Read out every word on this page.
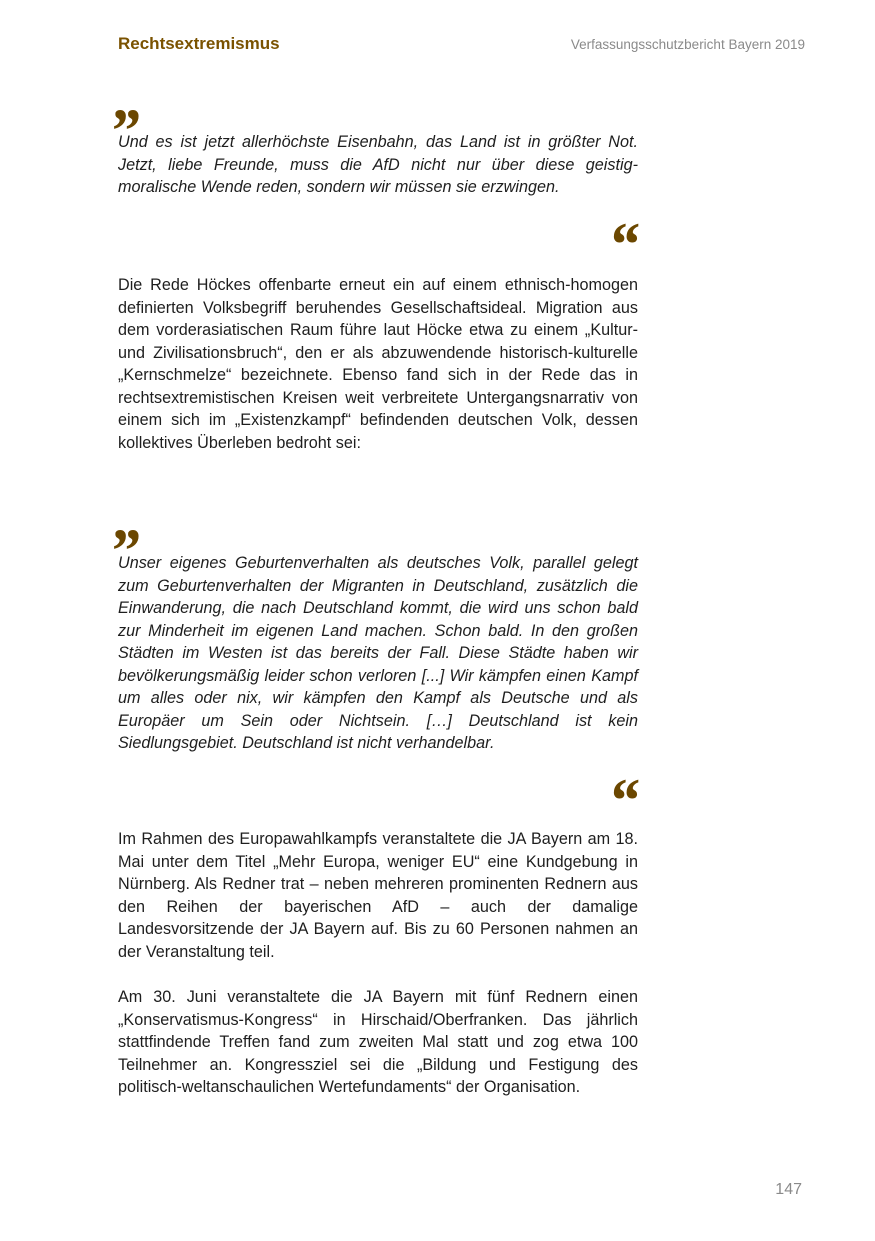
Rechtsextremismus	Verfassungsschutzbericht Bayern 2019
„

Und es ist jetzt allerhöchste Eisenbahn, das Land ist in größter Not. Jetzt, liebe Freunde, muss die AfD nicht nur über diese geistig-moralische Wende reden, sondern wir müssen sie erzwingen.

“

Die Rede Höckes offenbarte erneut ein auf einem ethnisch-homogen definierten Volksbegriff beruhendes Gesellschaftsideal. Migration aus dem vorderasiatischen Raum führe laut Höcke etwa zu einem „Kultur- und Zivilisationsbruch“, den er als abzuwendende historisch-kulturelle „Kernschmelze“ bezeichnete. Ebenso fand sich in der Rede das in rechtsextremistischen Kreisen weit verbreitete Untergangsnarrativ von einem sich im „Existenzkampf“ befindenden deutschen Volk, dessen kollektives Überleben bedroht sei:

„

Unser eigenes Geburtenverhalten als deutsches Volk, parallel gelegt zum Geburtenverhalten der Migranten in Deutschland, zusätzlich die Einwanderung, die nach Deutschland kommt, die wird uns schon bald zur Minderheit im eigenen Land machen. Schon bald. In den großen Städten im Westen ist das bereits der Fall. Diese Städte haben wir bevölkerungsmäßig leider schon verloren [...] Wir kämpfen einen Kampf um alles oder nix, wir kämpfen den Kampf als Deutsche und als Europäer um Sein oder Nichtsein. […] Deutschland ist kein Siedlungsgebiet. Deutschland ist nicht verhandelbar.

“

Im Rahmen des Europawahlkampfs veranstaltete die JA Bayern am 18. Mai unter dem Titel „Mehr Europa, weniger EU“ eine Kundgebung in Nürnberg. Als Redner trat – neben mehreren prominenten Rednern aus den Reihen der bayerischen AfD – auch der damalige Landesvorsitzende der JA Bayern auf. Bis zu 60 Personen nahmen an der Veranstaltung teil.

Am 30. Juni veranstaltete die JA Bayern mit fünf Rednern einen „Konservatismus-Kongress“ in Hirschaid/Oberfranken. Das jährlich stattfindende Treffen fand zum zweiten Mal statt und zog etwa 100 Teilnehmer an. Kongressziel sei die „Bildung und Festigung des politisch-weltanschaulichen Wertefundaments“ der Organisation.

147
